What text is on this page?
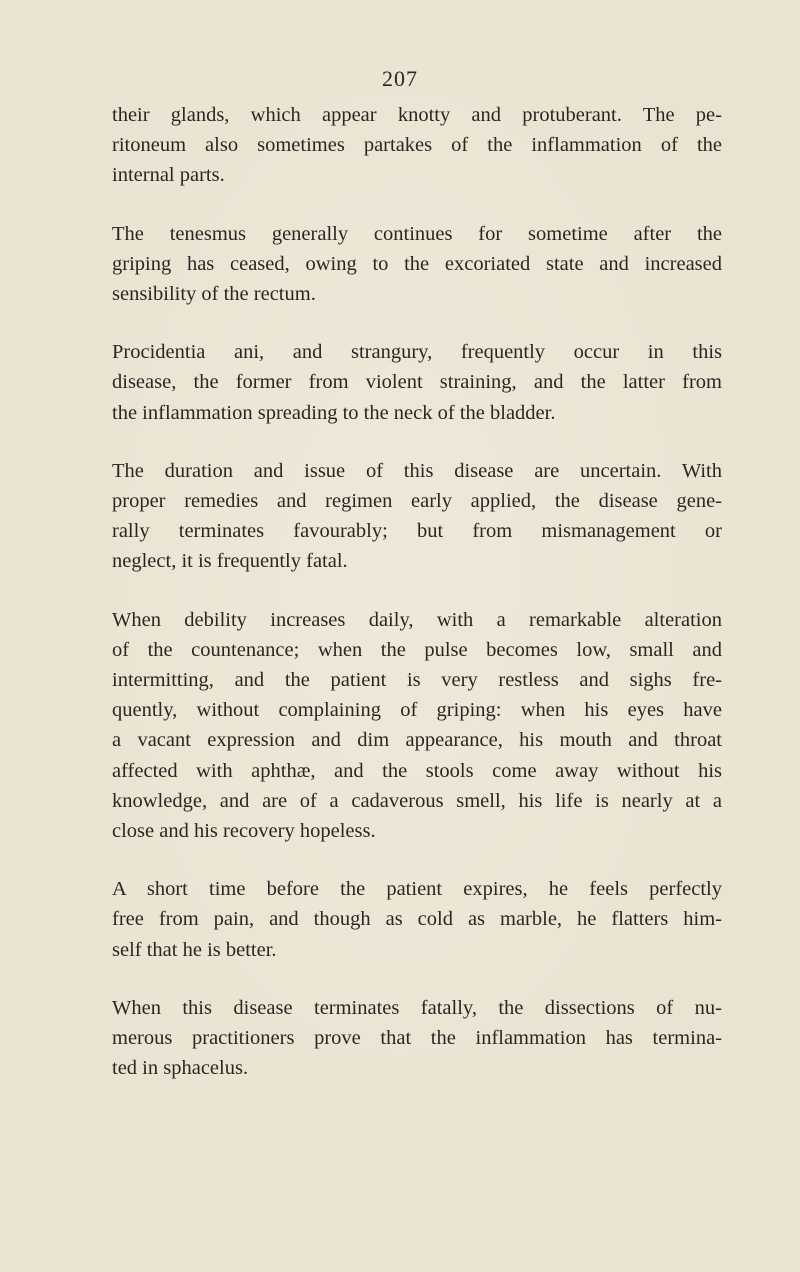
207

their glands, which appear knotty and protuberant. The pe-
ritoneum also sometimes partakes of the inflammation of the
internal parts.

The tenesmus generally continues for sometime after the
griping has ceased, owing to the excoriated state and increased
sensibility of the rectum.

Procidentia ani, and strangury, frequently occur in this
disease, the former from violent straining, and the latter from
the inflammation spreading to the neck of the bladder.

The duration and issue of this disease are uncertain. With
proper remedies and regimen early applied, the disease gene-
rally terminates favourably; but from mismanagement or
neglect, it is frequently fatal.

When debility increases daily, with a remarkable alteration
of the countenance; when the pulse becomes low, small and
intermitting, and the patient is very restless and sighs fre-
quently, without complaining of griping: when his eyes have
a vacant expression and dim appearance, his mouth and throat
affected with aphthæ, and the stools come away without his
knowledge, and are of a cadaverous smell, his life is nearly at a
close and his recovery hopeless.

A short time before the patient expires, he feels perfectly
free from pain, and though as cold as marble, he flatters him-
self that he is better.

When this disease terminates fatally, the dissections of nu-
merous practitioners prove that the inflammation has termina-
ted in sphacelus.
